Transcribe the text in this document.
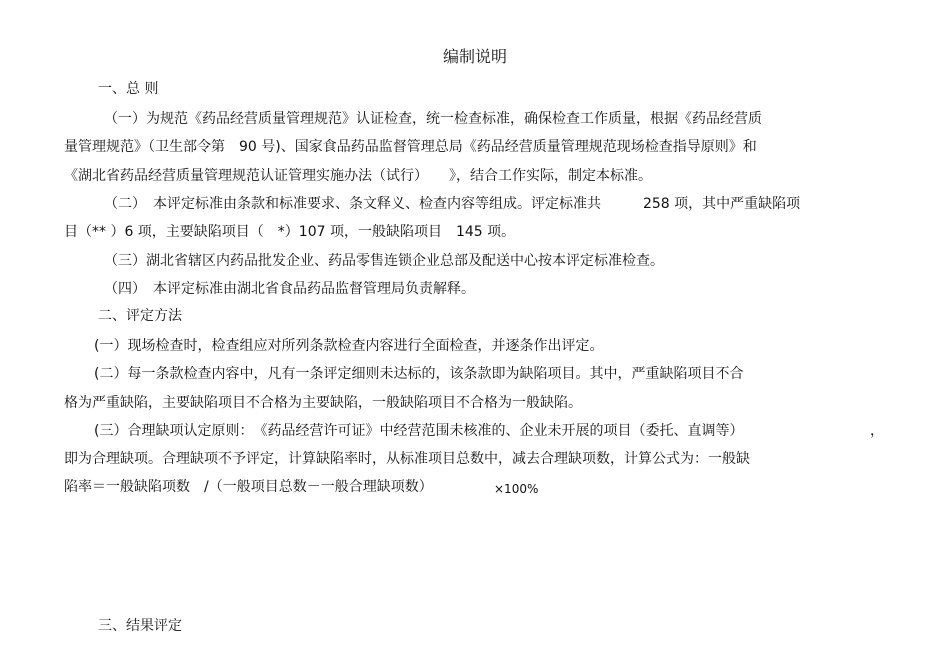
编制说明
一、总 则
（一）为规范《药品经营质量管理规范》认证检查，统一检查标准，确保检查工作质量，根据《药品经营质
量管理规范》（卫生部令第　90 号)、国家食品药品监督管理总局《药品经营质量管理规范现场检查指导原则》和
《湖北省药品经营质量管理规范认证管理实施办法（试行）　　》，结合工作实际，制定本标准。
（二）　本评定标准由条款和标准要求、条文释义、检查内容等组成。评定标准共　　　258 项，其中严重缺陷项
目（** ）6 项，主要缺陷项目（　*）107 项，一般缺陷项目　145 项。
（三）湖北省辖区内药品批发企业、药品零售连锁企业总部及配送中心按本评定标准检查。
（四）　本评定标准由湖北省食品药品监督管理局负责解释。
二、评定方法
(一）现场检查时，检查组应对所列条款检查内容进行全面检查，并逐条作出评定。
(二）每一条款检查内容中，凡有一条评定细则未达标的，该条款即为缺陷项目。其中，严重缺陷项目不合
格为严重缺陷，主要缺陷项目不合格为主要缺陷，一般缺陷项目不合格为一般缺陷。
(三）合理缺项认定原则：　《药品经营许可证》中经营范围未核准的、企业未开展的项目（委托、直调等）	，
即为合理缺项。合理缺项不予评定，计算缺陷率时，从标准项目总数中，减去合理缺项数，计算公式为：一般缺
陷率＝一般缺陷项数　/（一般项目总数－一般合理缺项数）	×100%
三、结果评定
